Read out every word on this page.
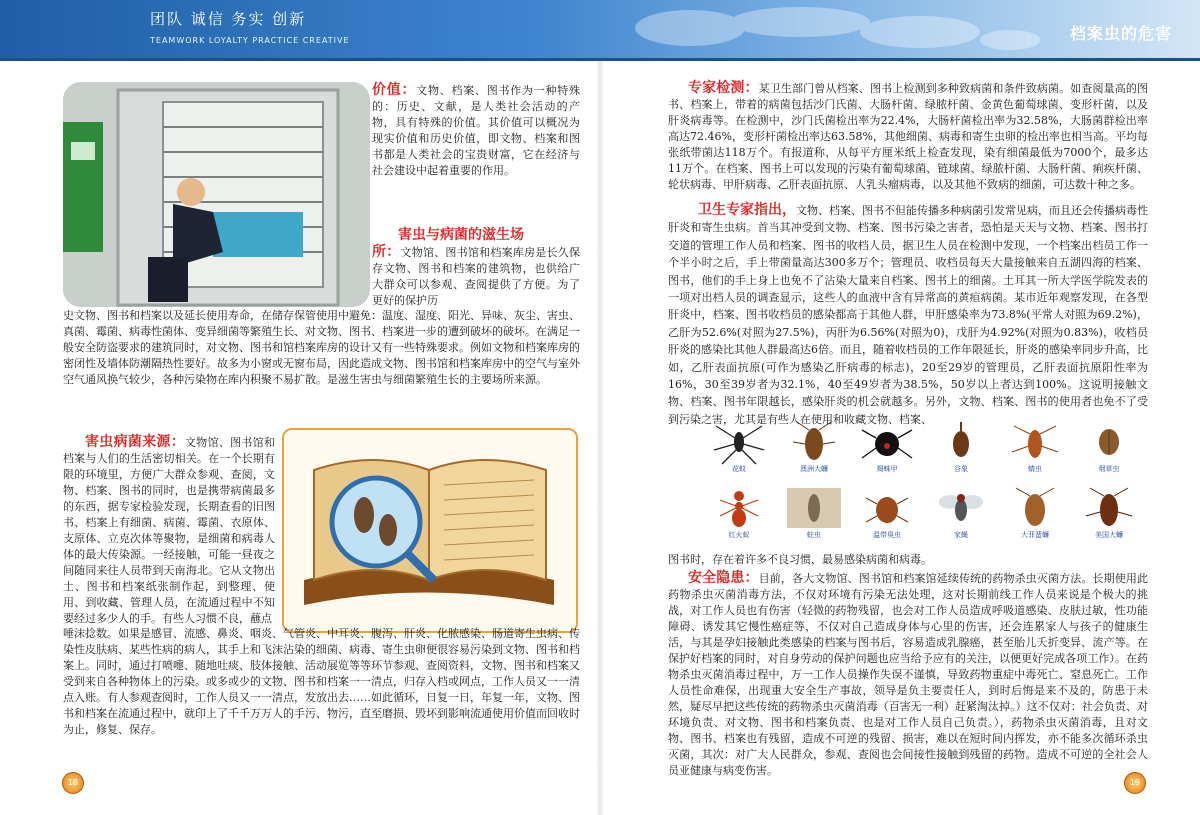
团队 诚信 务实 创新
TEAMWORK LOYALTY PRACTICE CREATIVE	档案虫的危害

价值：文物、档案、图书作为一种特殊的：历史、文献，是人类社会活动的产物，具有特殊的价值。其价值可以概况为现实价值和历史价值，即文物、档案和图书都是人类社会的宝贵财富，它在经济与社会建设中起着重要的作用。

害虫与病菌的滋生场

所：文物馆、图书馆和档案库房是长久保存文物、图书和档案的建筑物，也供给广大群众可以参观、查阅提供了方便。为了更好的保护历

史文物、图书和档案以及延长使用寿命，在储存保管使用中避免：温度、湿度、阳光、异味、灰尘、害虫、真菌、霉菌、病毒性菌体、变异细菌等繁殖生长、对文物、图书、档案进一步的遭到破坏的破坏。在满足一般安全防盗要求的建筑同时，对文物、图书和馆档案库房的设计又有一些特殊要求。例如文物和档案库房的密闭性及墙体防潮隔热性要好。故多为小窗或无窗布局，因此造成文物、图书馆和档案库房中的空气与室外空气通风换气较少，各种污染物在库内积聚不易扩散。是滋生害虫与细菌繁殖生长的主要场所来源。

害虫病菌来源：文物馆、图书馆和档案与人们的生活密切相关。在一个长期有限的环境里，方便广大群众参观、查阅，文物、档案、图书的同时，也是携带病菌最多的东西，据专家检验发现，长期查看的旧图书、档案上有细菌、病菌、霉菌、衣原体、支原体、立克次体等聚物，是细菌和病毒人体的最大传染源。一经接触，可能一昼夜之间随同来往人员带到天南海北。它从文物出土、图书和档案纸张制作起，到整理、使用、到收藏、管理人员，在流通过程中不知要经过多少人的手。有些人习惯不良，蘸点

唾沫捻数。如果是感冒、流感、鼻炎、咽炎、气管炎、中耳炎、腹泻、肝炎、化脓感染、肠道寄生虫病、传染性皮肤病、某些性病的病人，其手上和飞沫沾染的细菌、病毒、寄生虫卵便很容易污染到文物、图书和档案上。同时，通过打喷嚏、随地吐痰、肢体接触、活动展览等等环节参观、查阅资料，文物、图书和档案又受到来自各种物体上的污染。或多或少的文物、图书和档案一一清点，归存入档或网点，工作人员又一一清点入账。有人参观查阅时，工作人员又一一清点，发放出去……如此循环，日复一日，年复一年，文物、图书和档案在流通过程中，就印上了千千万万人的手污、物污，直至磨损、毁坏到影响流通使用价值而回收时为止，修复、保存。

专家检测：某卫生部门曾从档案、图书上检测到多种致病菌和条件致病菌。如查阅量高的图书、档案上，带着的病菌包括沙门氏菌、大肠杆菌、绿脓杆菌、金黄色葡萄球菌、变形杆菌，以及肝炎病毒等。在检测中，沙门氏菌检出率为22.4%，大肠杆菌检出率为32.58%，大肠菌群检出率高达72.46%，变形杆菌检出率达63.58%，其他细菌、病毒和寄生虫卵的检出率也相当高。平均每张纸带菌达118万个。有报道称，从每平方厘米纸上检查发现，染有细菌最低为7000个，最多达11万个。在档案、图书上可以发现的污染有葡萄球菌、链球菌、绿脓杆菌、大肠杆菌、痢疾杆菌、轮状病毒、甲肝病毒、乙肝表面抗原、人乳头瘤病毒，以及其他不致病的细菌，可达数十种之多。

卫生专家指出，文物、档案、图书不但能传播多种病菌引发常见病，而且还会传播病毒性肝炎和寄生虫病。首当其冲受到文物、档案、图书污染之害者，恐怕是天天与文物、档案、图书打交道的管理工作人员和档案、图书的收档人员，据卫生人员在检测中发现，一个档案出档员工作一个半小时之后，手上带菌量高达300多万个；管理员、收档员每天大量接触来自五湖四海的档案、图书，他们的手上身上也免不了沾染大量来自档案、图书上的细菌。土耳其一所大学医学院发表的一项对出档人员的调查显示，这些人的血液中含有异常高的黄疸病菌。某市近年观察发现，在各型肝炎中，档案、图书收档员的感染都高于其他人群，甲肝感染率为73.8%(平常人对照为69.2%)，乙肝为52.6%(对照为27.5%)，丙肝为6.56%(对照为0)，戊肝为4.92%(对照为0.83%)，收档员肝炎的感染比其他人群最高达6倍。而且，随着收档员的工作年限延长，肝炎的感染率同步升高，比如，乙肝表面抗原(可作为感染乙肝病毒的标志)，20至29岁的管理员，乙肝表面抗原阳性率为16%，30至39岁者为32.1%，40至49岁者为38.5%，50岁以上者达到100%。这说明接触文物、档案、图书年限越长，感染肝炎的机会就越多。另外，文物、档案、图书的使用者也免不了受到污染之害，尤其是有些人在使用和收藏文物、档案、

花蚊	澳洲大蠊	褐蛛甲	谷象	蜻虫	烟草虫
红火蚁	蛀虫	温带臭虫	家蝇	大菲蜚蠊	美国大蠊

图书时，存在着许多不良习惯，最易感染病菌和病毒。

安全隐患：目前，各大文物馆、图书馆和档案馆延续传统的药物杀虫灭菌方法。长期使用此药物杀虫灭菌消毒方法，不仅对环境有污染无法处理，这对长期前线工作人员来说是个极大的挑战，对工作人员也有伤害（轻微的药物残留，也会对工作人员造成呼吸道感染、皮肤过敏，性功能障碍、诱发其它慢性癌症等，不仅对自己造成身体与心里的伤害，还会连累家人与孩子的健康生活，与其是孕妇接触此类感染的档案与图书后，容易造成乳腺癌，甚至胎儿夭折变异、流产等。在保护好档案的同时，对自身劳动的保护问题也应当给予应有的关注，以便更好完成各项工作）。在药物杀虫灭菌消毒过程中，万一工作人员操作失误不谨慎，导致药物重症中毒死亡、窒息死亡。工作人员性命难保，出现重大安全生产事故，领导是负主要责任人，到时后悔是来不及的，防患于未然，疑尽早把这些传统的药物杀虫灭菌消毒（百害无一利）赶紧淘汰掉。）这不仅对：社会负责、对环境负责、对文物、图书和档案负责、也是对工作人员自己负责。），药物杀虫灭菌消毒，且对文物、图书、档案也有残留，造成不可逆的残留、损害，难以在短时间内挥发，亦不能多次循环杀虫灭菌，其次：对广大人民群众，参观、查阅也会间接性接触到残留的药物。造成不可逆的全社会人员亚健康与病变伤害。

18	19
